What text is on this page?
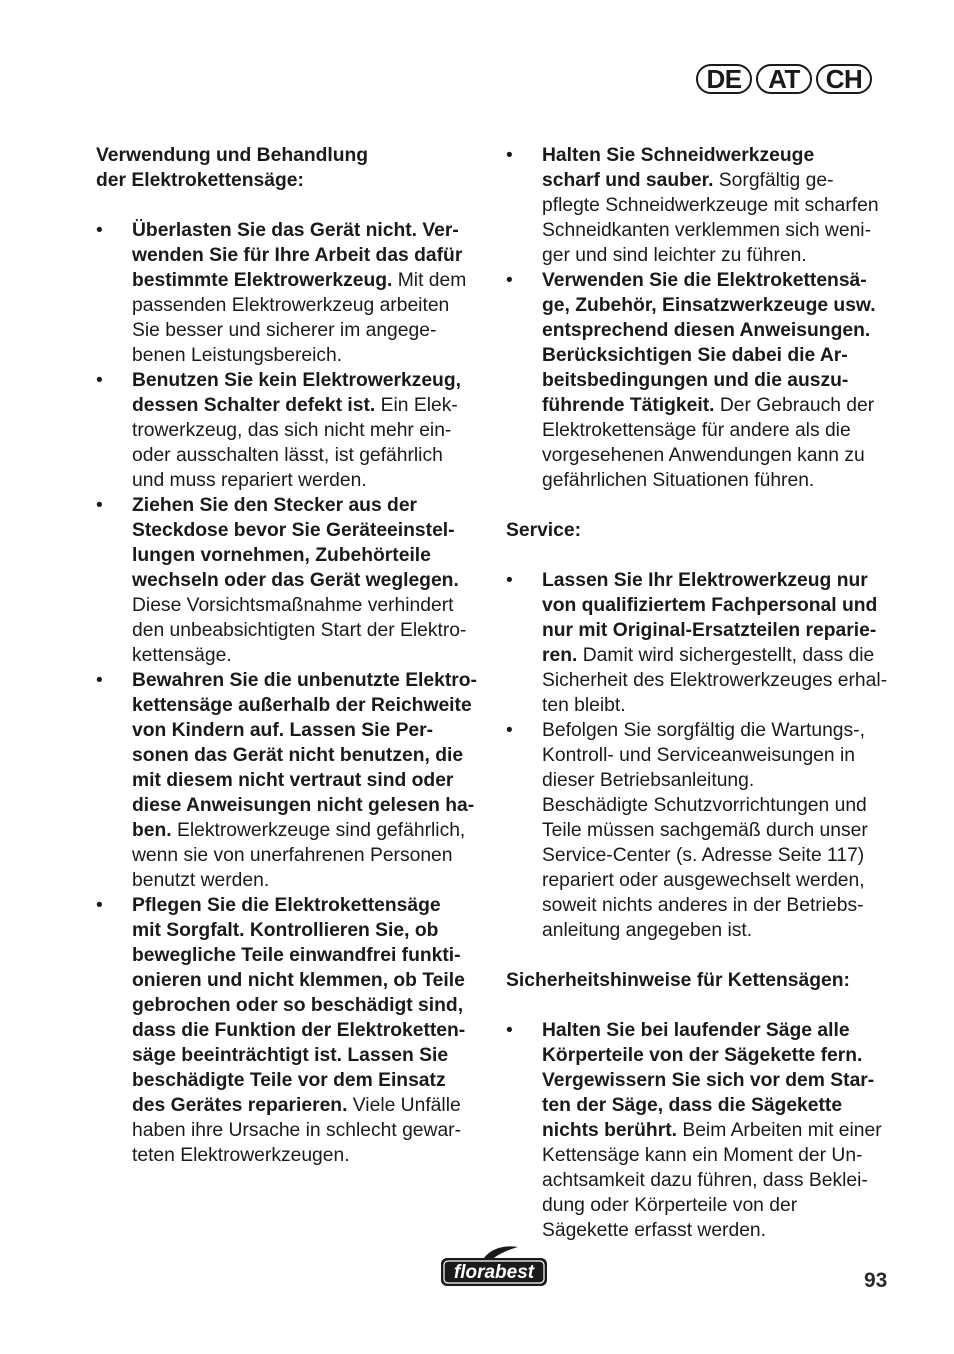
DE	AT CH
Verwendung und Behandlung
der Elektrokettensäge:
• Überlasten Sie das Gerät nicht. Ver-
wenden Sie für Ihre Arbeit das dafür
bestimmte Elektrowerkzeug. Mit dem
passenden Elektrowerkzeug arbeiten
Sie besser und sicherer im angege-
benen Leistungsbereich.
• Benutzen Sie kein Elektrowerkzeug,
dessen Schalter defekt ist. Ein Elek-
trowerkzeug, das sich nicht mehr ein-
oder ausschalten lässt, ist gefährlich
und muss repariert werden.
• Ziehen Sie den Stecker aus der
Steckdose bevor Sie Geräteeinstel-
lungen vornehmen, Zubehörteile
wechseln oder das Gerät weglegen.
Diese Vorsichtsmaßnahme verhindert
den unbeabsichtigten Start der Elektro-
kettensäge.
• Bewahren Sie die unbenutzte Elektro-
kettensäge außerhalb der Reichweite
von Kindern auf. Lassen Sie Per-
sonen das Gerät nicht benutzen, die
mit diesem nicht vertraut sind oder
diese Anweisungen nicht gelesen ha-
ben. Elektrowerkzeuge sind gefährlich,
wenn sie von unerfahrenen Personen
benutzt werden.
• Pflegen Sie die Elektrokettensäge
mit Sorgfalt. Kontrollieren Sie, ob
bewegliche Teile einwandfrei funkti-
onieren und nicht klemmen, ob Teile
gebrochen oder so beschädigt sind,
dass die Funktion der Elektroketten-
säge beeinträchtigt ist. Lassen Sie
beschädigte Teile vor dem Einsatz
des Gerätes reparieren. Viele Unfälle
haben ihre Ursache in schlecht gewar-
teten Elektrowerkzeugen.
• Halten Sie Schneidwerkzeuge
scharf und sauber. Sorgfältig ge-
pflegte Schneidwerkzeuge mit scharfen
Schneidkanten verklemmen sich weni-
ger und sind leichter zu führen.
• Verwenden Sie die Elektrokettensä-
ge, Zubehör, Einsatzwerkzeuge usw.
entsprechend diesen Anweisungen.
Berücksichtigen Sie dabei die Ar-
beitsbedingungen und die auszu-
führende Tätigkeit. Der Gebrauch der
Elektrokettensäge für andere als die
vorgesehenen Anwendungen kann zu
gefährlichen Situationen führen.
Service:
• Lassen Sie Ihr Elektrowerkzeug nur
von qualifiziertem Fachpersonal und
nur mit Original-Ersatzteilen reparie-
ren. Damit wird sichergestellt, dass die
Sicherheit des Elektrowerkzeuges erhal-
ten bleibt.
• Befolgen Sie sorgfältig die Wartungs-,
Kontroll- und Serviceanweisungen in
dieser Betriebsanleitung.
Beschädigte Schutzvorrichtungen und
Teile müssen sachgemäß durch unser
Service-Center (s. Adresse Seite 117)
repariert oder ausgewechselt werden,
soweit nichts anderes in der Betriebs-
anleitung angegeben ist.
Sicherheitshinweise für Kettensägen:
• Halten Sie bei laufender Säge alle
Körperteile von der Sägekette fern.
Vergewissern Sie sich vor dem Star-
ten der Säge, dass die Sägekette
nichts berührt. Beim Arbeiten mit einer
Kettensäge kann ein Moment der Un-
achtsamkeit dazu führen, dass Beklei-
dung oder Körperteile von der
Sägekette erfasst werden.
florabest	93
